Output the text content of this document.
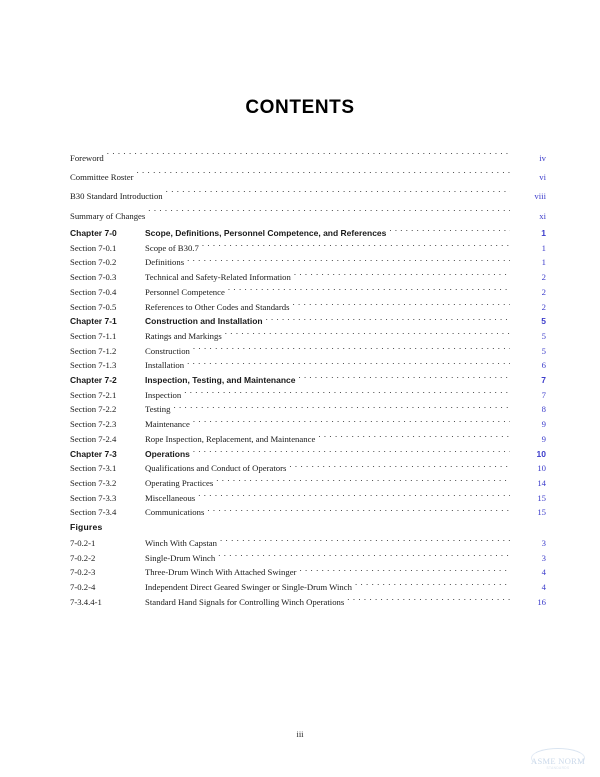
CONTENTS
Foreword . . .	iv
Committee Roster . . .	vi
B30 Standard Introduction . . .	viii
Summary of Changes . . .	xi
Chapter 7-0	Scope, Definitions, Personnel Competence, and References . . .	1
Section 7-0.1	Scope of B30.7 . . .	1
Section 7-0.2	Definitions . . .	1
Section 7-0.3	Technical and Safety-Related Information . . .	2
Section 7-0.4	Personnel Competence . . .	2
Section 7-0.5	References to Other Codes and Standards . . .	2
Chapter 7-1	Construction and Installation . . .	5
Section 7-1.1	Ratings and Markings . . .	5
Section 7-1.2	Construction . . .	5
Section 7-1.3	Installation . . .	6
Chapter 7-2	Inspection, Testing, and Maintenance . . .	7
Section 7-2.1	Inspection . . .	7
Section 7-2.2	Testing . . .	8
Section 7-2.3	Maintenance . . .	9
Section 7-2.4	Rope Inspection, Replacement, and Maintenance . . .	9
Chapter 7-3	Operations . . .	10
Section 7-3.1	Qualifications and Conduct of Operators . . .	10
Section 7-3.2	Operating Practices . . .	14
Section 7-3.3	Miscellaneous . . .	15
Section 7-3.4	Communications . . .	15
Figures
7-0.2-1	Winch With Capstan . . .	3
7-0.2-2	Single-Drum Winch . . .	3
7-0.2-3	Three-Drum Winch With Attached Swinger . . .	4
7-0.2-4	Independent Direct Geared Swinger or Single-Drum Winch . . .	4
7-3.4.4-1	Standard Hand Signals for Controlling Winch Operations . . .	16
iii
ASME NORM
STANDARDS
